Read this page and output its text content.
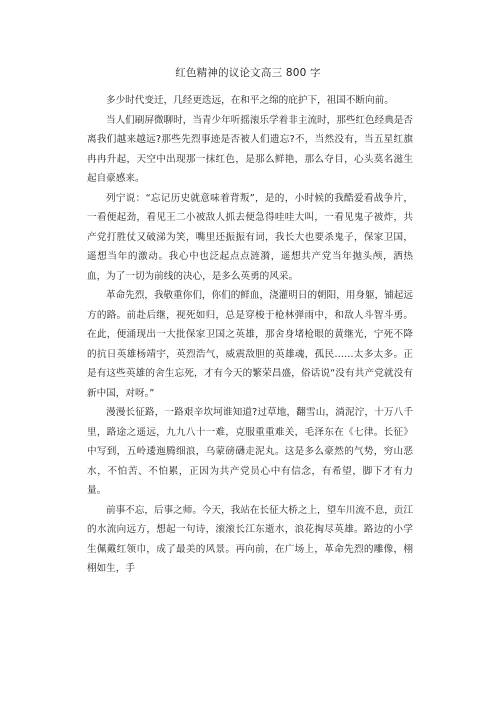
红色精神的议论文高三 800 字

多少时代变迁，几经更迭远，在和平之绵的庇护下，祖国不断向前。

当人们刷屏微聊时，当青少年听摇滚乐学着非主流时，那些红色经典是否离我们越来越远?那些先烈事迹是否被人们遗忘?不，当然没有，当五星红旗冉冉升起，天空中出现那一抹红色，是那么鲜艳，那么夺目，心头莫名滋生起自豪感来。

列宁说：“忘记历史就意味着背叛”，是的，小时候的我酷爱看战争片，一看便起劲，看见王二小被敌人抓去便急得哇哇大叫，一看见鬼子被炸，共产党打胜仗又破涕为笑，嘴里还振振有词，我长大也要杀鬼子，保家卫国，遥想当年的激动。我心中也泛起点点涟漪，遥想共产党当年抛头颅，洒热血，为了一切为前线的决心，是多么英勇的风采。

革命先烈，我敬重你们，你们的鲜血，浇灌明日的朝阳，用身躯，铺起远方的路。前赴后继，视死如归，总是穿梭于枪林弹雨中，和敌人斗智斗勇。在此，便涌现出一大批保家卫国之英雄，那舍身堵枪眼的黄继光，宁死不降的抗日英雄杨靖宇，英烈浩气，威震敌胆的英雄魂，孤民……太多太多。正是有这些英雄的舍生忘死，才有今天的繁荣昌盛，俗话说“没有共产党就没有新中国，对呀。”

漫漫长征路，一路艰辛坎坷谁知道?过草地，翻雪山，淌泥泞，十万八千里，路途之遥远，九九八十一难，克服重重难关，毛泽东在《七律。长征》中写到，五岭逶迤腾细浪，乌蒙磅礴走泥丸。这是多么豪然的气势，穷山恶水，不怕苦、不怕累，正因为共产党员心中有信念，有希望，脚下才有力量。

前事不忘，后事之师。今天，我站在长征大桥之上，望车川流不息，贡江的水流向远方，想起一句诗，滚滚长江东逝水，浪花掏尽英雄。路边的小学生佩戴红领巾，成了最美的风景。再向前，在广场上，革命先烈的雕像，栩栩如生，手
